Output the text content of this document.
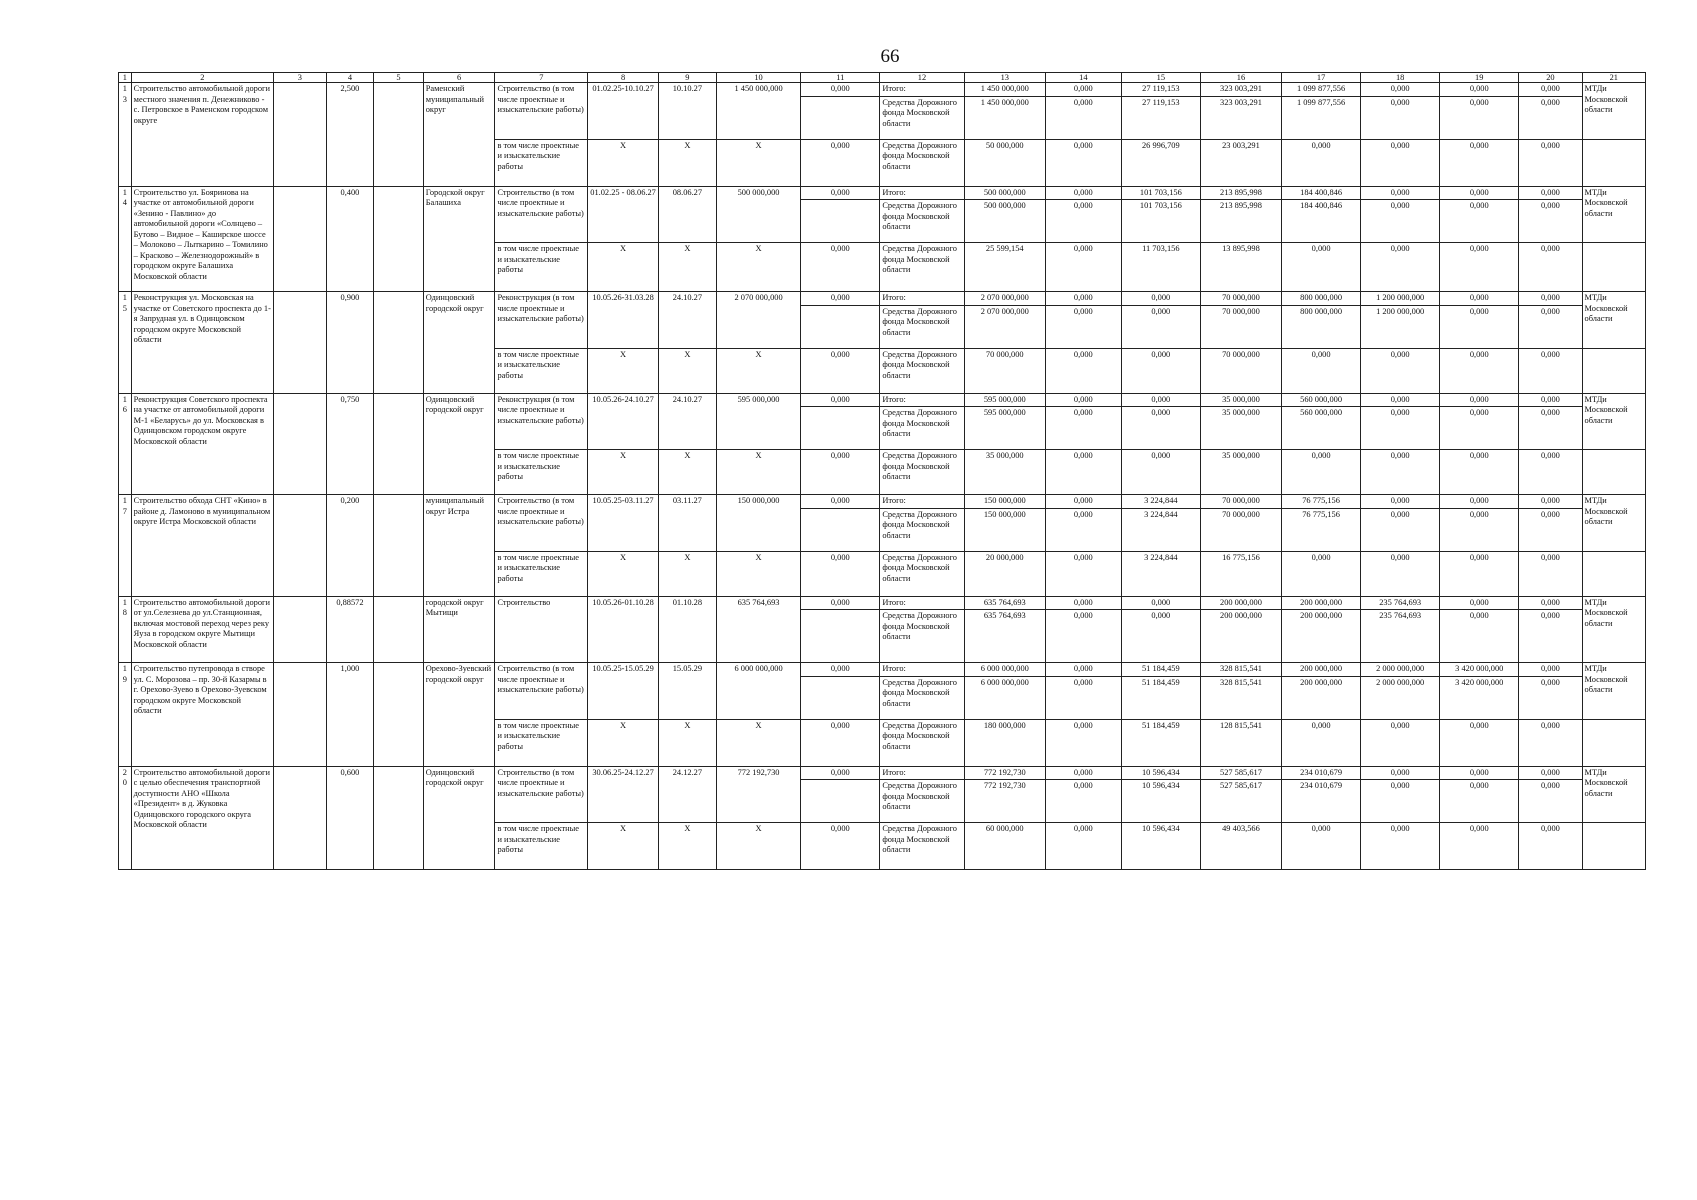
66
1	2	3	4	5	6	7	8	9	10	11	12	13	14	15	16	17	18	19	20	21
13	Строительство автомобильной дороги местного значения п. Денежниково - с. Петровское в Раменском городском округе		2,500		Раменский муниципальный округ	Строительство (в том числе проектные и изыскательские работы)	01.02.25-10.10.27	10.10.27	1 450 000,000	0,000	Итого:	1 450 000,000	0,000	27 119,153	323 003,291	1 099 877,556	0,000	0,000	0,000	МТДи Московской области
											Средства Дорожного фонда Московской области	1 450 000,000	0,000	27 119,153	323 003,291	1 099 877,556	0,000	0,000	0,000	
						в том числе проектные и изыскательские работы	X	X	X	0,000	Средства Дорожного фонда Московской области	50 000,000	0,000	26 996,709	23 003,291	0,000	0,000	0,000	0,000	
14	Строительство ул. Бояринова на участке от автомобильной дороги «Зенино - Павлино» до автомобильной дороги «Солнцево – Бутово – Видное – Каширское шоссе – Молоково – Лыткарино – Томилино – Красково – Железнодорожный» в городском округе Балашиха Московской области		0,400		Городской округ Балашиха	Строительство (в том числе проектные и изыскательские работы)	01.02.25 - 08.06.27	08.06.27	500 000,000	0,000	Итого:	500 000,000	0,000	101 703,156	213 895,998	184 400,846	0,000	0,000	0,000	МТДи Московской области
											Средства Дорожного фонда Московской области	500 000,000	0,000	101 703,156	213 895,998	184 400,846	0,000	0,000	0,000	
						в том числе проектные и изыскательские работы	X	X	X	0,000	Средства Дорожного фонда Московской области	25 599,154	0,000	11 703,156	13 895,998	0,000	0,000	0,000	0,000	
15	Реконструкция ул. Московская на участке от Советского проспекта до 1-я Запрудная ул. в Одинцовском городском округе Московской области		0,900		Одинцовский городской округ	Реконструкция (в том числе проектные и изыскательские работы)	10.05.26-31.03.28	24.10.27	2 070 000,000	0,000	Итого:	2 070 000,000	0,000	0,000	70 000,000	800 000,000	1 200 000,000	0,000	0,000	МТДи Московской области
											Средства Дорожного фонда Московской области	2 070 000,000	0,000	0,000	70 000,000	800 000,000	1 200 000,000	0,000	0,000	
						в том числе проектные и изыскательские работы	X	X	X	0,000	Средства Дорожного фонда Московской области	70 000,000	0,000	0,000	70 000,000	0,000	0,000	0,000	0,000	
16	Реконструкция Советского проспекта на участке от автомобильной дороги М-1 «Беларусь» до ул. Московская в Одинцовском городском округе Московской области		0,750		Одинцовский городской округ	Реконструкция (в том числе проектные и изыскательские работы)	10.05.26-24.10.27	24.10.27	595 000,000	0,000	Итого:	595 000,000	0,000	0,000	35 000,000	560 000,000	0,000	0,000	0,000	МТДи Московской области
											Средства Дорожного фонда Московской области	595 000,000	0,000	0,000	35 000,000	560 000,000	0,000	0,000	0,000	
						в том числе проектные и изыскательские работы	X	X	X	0,000	Средства Дорожного фонда Московской области	35 000,000	0,000	0,000	35 000,000	0,000	0,000	0,000	0,000	
17	Строительство обхода СНТ «Кино» в районе д. Ламоново в муниципальном округе Истра Московской области		0,200		муниципальный округ Истра	Строительство (в том числе проектные и изыскательские работы)	10.05.25-03.11.27	03.11.27	150 000,000	0,000	Итого:	150 000,000	0,000	3 224,844	70 000,000	76 775,156	0,000	0,000	0,000	МТДи Московской области
											Средства Дорожного фонда Московской области	150 000,000	0,000	3 224,844	70 000,000	76 775,156	0,000	0,000	0,000	
						в том числе проектные и изыскательские работы	X	X	X	0,000	Средства Дорожного фонда Московской области	20 000,000	0,000	3 224,844	16 775,156	0,000	0,000	0,000	0,000	
18	Строительство автомобильной дороги от ул.Селезнева до ул.Станционная, включая мостовой переход через реку Яуза в городском округе Мытищи Московской области		0,88572		городской округ Мытищи	Строительство	10.05.26-01.10.28	01.10.28	635 764,693	0,000	Итого:	635 764,693	0,000	0,000	200 000,000	200 000,000	235 764,693	0,000	0,000	МТДи Московской области
											Средства Дорожного фонда Московской области	635 764,693	0,000	0,000	200 000,000	200 000,000	235 764,693	0,000	0,000	
19	Строительство путепровода в створе ул. С. Морозова – пр. 30-й Казармы в г. Орехово-Зуево в Орехово-Зуевском городском округе Московской области		1,000		Орехово-Зуевский городской округ	Строительство (в том числе проектные и изыскательские работы)	10.05.25-15.05.29	15.05.29	6 000 000,000	0,000	Итого:	6 000 000,000	0,000	51 184,459	328 815,541	200 000,000	2 000 000,000	3 420 000,000	0,000	МТДи Московской области
											Средства Дорожного фонда Московской области	6 000 000,000	0,000	51 184,459	328 815,541	200 000,000	2 000 000,000	3 420 000,000	0,000	
						в том числе проектные и изыскательские работы	X	X	X	0,000	Средства Дорожного фонда Московской области	180 000,000	0,000	51 184,459	128 815,541	0,000	0,000	0,000	0,000	
20	Строительство автомобильной дороги с целью обеспечения транспортной доступности АНО «Школа «Президент» в д. Жуковка Одинцовского городского округа Московской области		0,600		Одинцовский городской округ	Строительство (в том числе проектные и изыскательские работы)	30.06.25-24.12.27	24.12.27	772 192,730	0,000	Итого:	772 192,730	0,000	10 596,434	527 585,617	234 010,679	0,000	0,000	0,000	МТДи Московской области
											Средства Дорожного фонда Московской области	772 192,730	0,000	10 596,434	527 585,617	234 010,679	0,000	0,000	0,000	
						в том числе проектные и изыскательские работы	X	X	X	0,000	Средства Дорожного фонда Московской области	60 000,000	0,000	10 596,434	49 403,566	0,000	0,000	0,000	0,000	
